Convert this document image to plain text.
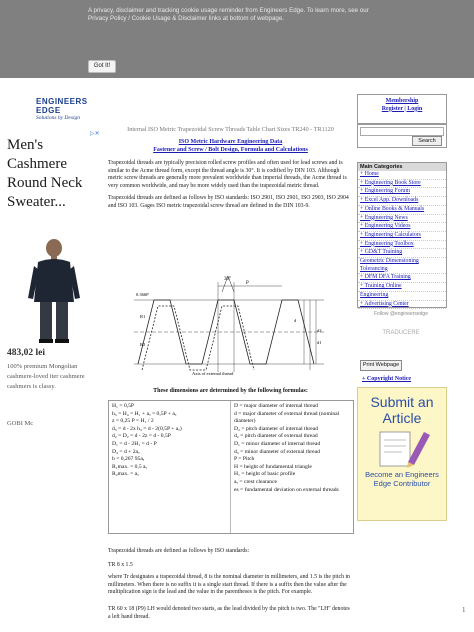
A privacy, disclaimer and tracking cookie usage reminder from Engineers Edge. To learn more, see our Privacy Policy / Cookie Usage & Disclaimer links at bottom of webpage.
Got It!
ENGINEERS EDGE
Solutions by Design
▷✕
Men's Cashmere Round Neck Sweater...
483,02 lei
100% premium Mongolian cashmere-loved iter cashmere cashmers is classy.
GOBI Mc
Internal ISO Metric Trapezoidal Screw Threads Table Chart Sizes TR240 - TR1120
ISO Metric Hardware Engineering Data
Fastener and Screw / Bolt Design, Formula and Calculations
Trapezoidal threads are typically precision rolled screw profiles and often used for lead screws and is similar to the Acme thread form, except the thread angle is 30°. It is codified by DIN 103. Although metric screw threads are generally more prevalent worldwide than imperial threads, the Acme thread is very common worldwide, and may be more widely used than the trapezoidal metric thread.
Trapezoidal threads are defined as follows by ISO standards: ISO 2901, ISO 2901, ISO 2903, ISO 2904 and ISO 103. Gages ISO metric trapezoidal screw thread are defined in the DIN 103-9.
30°
P
0.366P
d
d2
d1
R1
R2
Axis of external thread
These dimensions are determined by the following formulas:
H₁ = 0,5P
h₃ = H₄ = H₁ + aₐ = 0,5P + aₐ
z = 0,25 P = H₁ / 2
d₃ = d - 2x h₃ = d - 2(0,5P + aₐ)
d₂ = D₂ = d - 2z = d - 0,5P
D₁ = d - 2H₁ = d - P
D₄ = d + 2aₐ
b = 0,267 95aₐ
R₁max. = 0,5 aₐ
R₂max. = aₐ
D = major diameter of internal thread
d = major diameter of external thread (nominal diameter)
D₂ = pitch diameter of internal thread
d₂ = pitch diameter of external thread
D₁ = minor diameter of internal thread
d₃ = minor diameter of external thread
P = Pitch
H = height of fundamental triangle
H₁ = height of basic profile
aₐ = crest clearance
es = fundamental deviation on external threads
Trapezoidal threads are defined as follows by ISO standards:
TR 8 x 1.5
where Tr designates a trapezoidal thread, 8 is the nominal diameter in millimeters, and 1.5 is the pitch in millimeters. When there is no suffix it is a single start thread. If there is a suffix then the value after the multiplication sign is the lead and the value in the parentheses is the pitch. For example.
TR 60 x 18 (P9) LH would denoted two starts, as the lead divided by the pitch is two. The "LH" denotes a left hand thread.
Membership
Register | Login
Search
Main Categories
+ Home
+ Engineering Book Store
+ Engineering Forum
+ Excel App. Downloads
+ Online Books & Manuals
+ Engineering News
+ Engineering Videos
+ Engineering Calculators
+ Engineering Toolbox
+ GD&T Training
Geometric Dimensioning Tolerancing
+ DFM DFA Training
+ Training Online
Engineering
+ Advertising Center
Follow @engineersedge
TRADUCERE
Print Webpage
+ Copyright Notice
Submit an Article
Become an Engineers Edge Contributor
1
